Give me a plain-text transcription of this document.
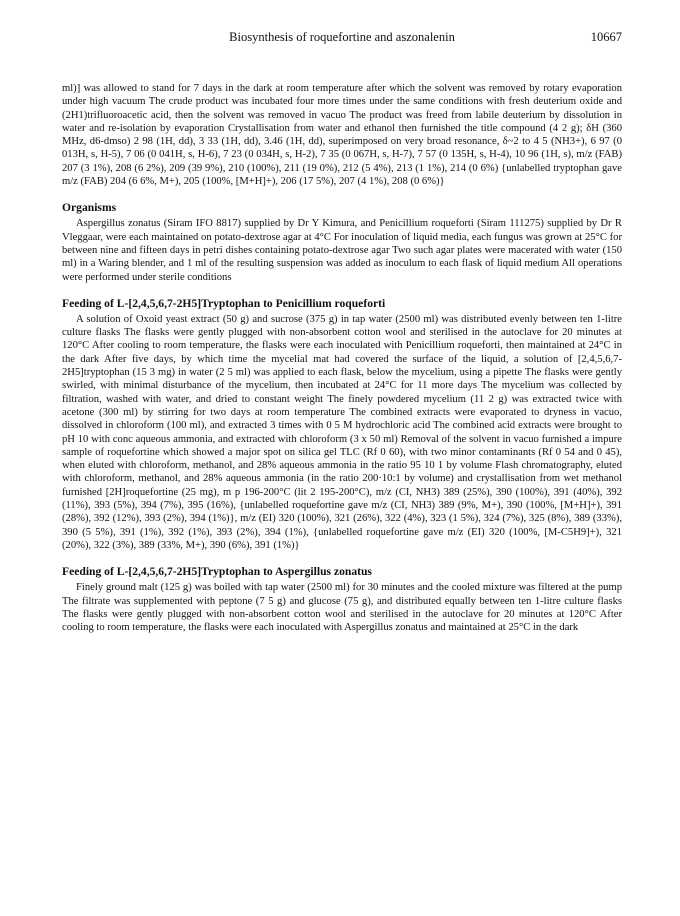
Biosynthesis of roquefortine and aszonalenin	10667

ml)] was allowed to stand for 7 days in the dark at room temperature after which the solvent was removed by rotary evaporation under high vacuum The crude product was incubated four more times under the same conditions with fresh deuterium oxide and (2H1)trifluoroacetic acid, then the solvent was removed in vacuo The product was freed from labile deuterium by dissolution in water and re-isolation by evaporation Crystallisation from water and ethanol then furnished the title compound (4 2 g); δH (360 MHz, d6-dmso) 2 98 (1H, dd), 3 33 (1H, dd), 3.46 (1H, dd), superimposed on very broad resonance, δ~2 to 4 5 (NH3+), 6 97 (0 013H, s, H-5), 7 06 (0 041H, s, H-6), 7 23 (0 034H, s, H-2), 7 35 (0 067H, s, H-7), 7 57 (0 135H, s, H-4), 10 96 (1H, s), m/z (FAB) 207 (3 1%), 208 (6 2%), 209 (39 9%), 210 (100%), 211 (19 0%), 212 (5 4%), 213 (1 1%), 214 (0 6%) {unlabelled tryptophan gave m/z (FAB) 204 (6 6%, M+), 205 (100%, [M+H]+), 206 (17 5%), 207 (4 1%), 208 (0 6%)}

Organisms

Aspergillus zonatus (Siram IFO 8817) supplied by Dr Y Kimura, and Penicillium roqueforti (Siram 111275) supplied by Dr R Vleggaar, were each maintained on potato-dextrose agar at 4°C For inoculation of liquid media, each fungus was grown at 25°C for between nine and fifteen days in petri dishes containing potato-dextrose agar Two such agar plates were macerated with water (150 ml) in a Waring blender, and 1 ml of the resulting suspension was added as inoculum to each flask of liquid medium All operations were performed under sterile conditions

Feeding of L-[2,4,5,6,7-2H5]Tryptophan to Penicillium roqueforti

A solution of Oxoid yeast extract (50 g) and sucrose (375 g) in tap water (2500 ml) was distributed evenly between ten 1-litre culture flasks The flasks were gently plugged with non-absorbent cotton wool and sterilised in the autoclave for 20 minutes at 120°C After cooling to room temperature, the flasks were each inoculated with Penicillium roqueforti, then maintained at 24°C in the dark After five days, by which time the mycelial mat had covered the surface of the liquid, a solution of [2,4,5,6,7-2H5]tryptophan (15 3 mg) in water (2 5 ml) was applied to each flask, below the mycelium, using a pipette The flasks were gently swirled, with minimal disturbance of the mycelium, then incubated at 24°C for 11 more days The mycelium was collected by filtration, washed with water, and dried to constant weight The finely powdered mycelium (11 2 g) was extracted twice with acetone (300 ml) by stirring for two days at room temperature The combined extracts were evaporated to dryness in vacuo, dissolved in chloroform (100 ml), and extracted 3 times with 0 5 M hydrochloric acid The combined acid extracts were brought to pH 10 with conc aqueous ammonia, and extracted with chloroform (3 x 50 ml) Removal of the solvent in vacuo furnished a impure sample of roquefortine which showed a major spot on silica gel TLC (Rf 0 60), with two minor contaminants (Rf 0 54 and 0 45), when eluted with chloroform, methanol, and 28% aqueous ammonia in the ratio 95 10 1 by volume Flash chromatography, eluted with chloroform, methanol, and 28% aqueous ammonia (in the ratio 200·10:1 by volume) and crystallisation from wet methanol furnished [2H]roquefortine (25 mg), m p 196-200°C (lit 2 195-200°C), m/z (CI, NH3) 389 (25%), 390 (100%), 391 (40%), 392 (11%), 393 (5%), 394 (7%), 395 (16%), {unlabelled roquefortine gave m/z (CI, NH3) 389 (9%, M+), 390 (100%, [M+H]+), 391 (28%), 392 (12%), 393 (2%), 394 (1%)}, m/z (EI) 320 (100%), 321 (26%), 322 (4%), 323 (1 5%), 324 (7%), 325 (8%), 389 (33%), 390 (5 5%), 391 (1%), 392 (1%), 393 (2%), 394 (1%), {unlabelled roquefortine gave m/z (EI) 320 (100%, [M-C5H9]+), 321 (20%), 322 (3%), 389 (33%, M+), 390 (6%), 391 (1%)}

Feeding of L-[2,4,5,6,7-2H5]Tryptophan to Aspergillus zonatus

Finely ground malt (125 g) was boiled with tap water (2500 ml) for 30 minutes and the cooled mixture was filtered at the pump The filtrate was supplemented with peptone (7 5 g) and glucose (75 g), and distributed equally between ten 1-litre culture flasks The flasks were gently plugged with non-absorbent cotton wool and sterilised in the autoclave for 20 minutes at 120°C After cooling to room temperature, the flasks were each inoculated with Aspergillus zonatus and maintained at 25°C in the dark
